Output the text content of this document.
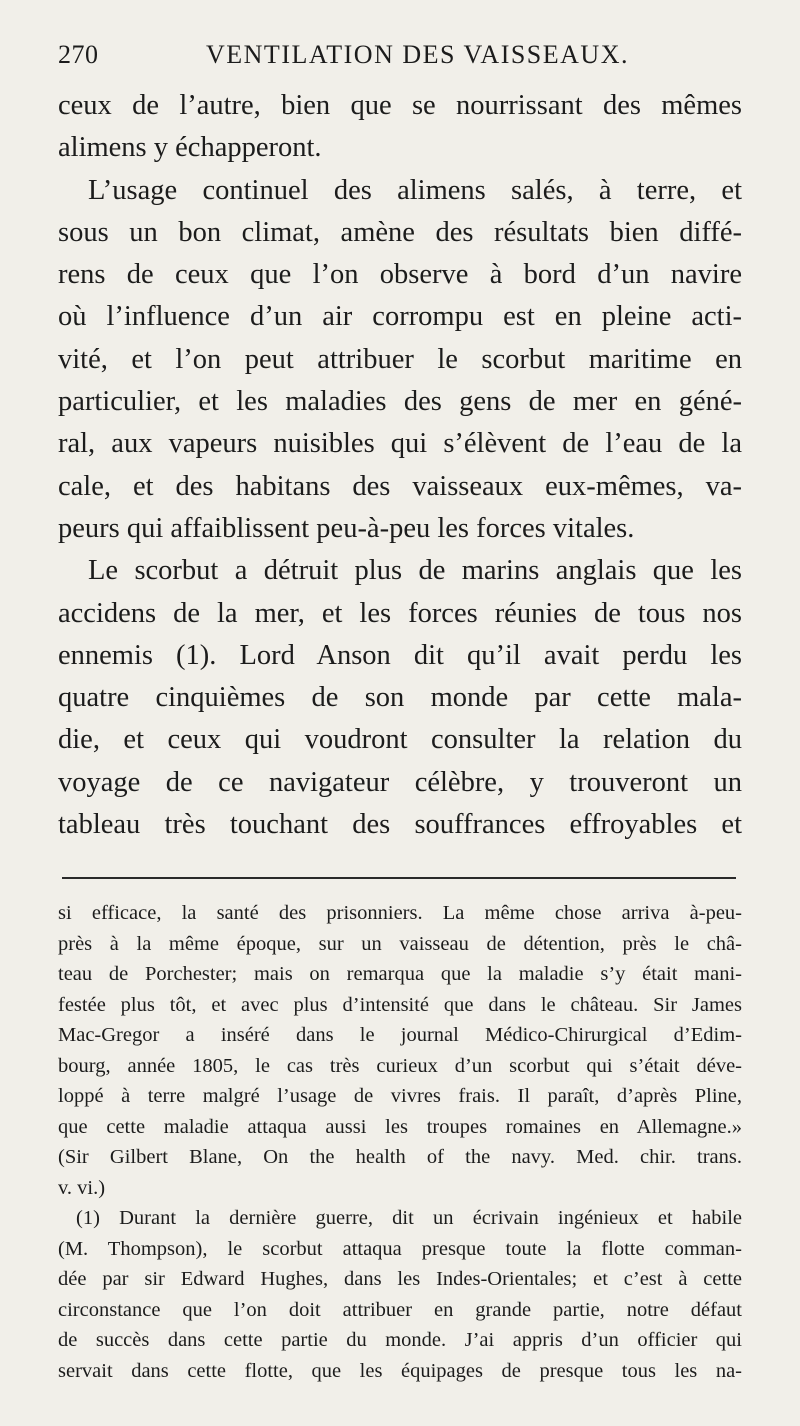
270	VENTILATION DES VAISSEAUX.
ceux de l’autre, bien que se nourrissant des mêmes
alimens y échapperont.
L’usage continuel des alimens salés, à terre, et
sous un bon climat, amène des résultats bien diffé-
rens de ceux que l’on observe à bord d’un navire
où l’influence d’un air corrompu est en pleine acti-
vité, et l’on peut attribuer le scorbut maritime en
particulier, et les maladies des gens de mer en géné-
ral, aux vapeurs nuisibles qui s’élèvent de l’eau de la
cale, et des habitans des vaisseaux eux-mêmes, va-
peurs qui affaiblissent peu-à-peu les forces vitales.
Le scorbut a détruit plus de marins anglais que les
accidens de la mer, et les forces réunies de tous nos
ennemis (1). Lord Anson dit qu’il avait perdu les
quatre cinquièmes de son monde par cette mala-
die, et ceux qui voudront consulter la relation du
voyage de ce navigateur célèbre, y trouveront un
tableau très touchant des souffrances effroyables et
si efficace, la santé des prisonniers. La même chose arriva à-peu-
près à la même époque, sur un vaisseau de détention, près le châ-
teau de Porchester; mais on remarqua que la maladie s’y était mani-
festée plus tôt, et avec plus d’intensité que dans le château. Sir James
Mac-Gregor a inséré dans le journal Médico-Chirurgical d’Edim-
bourg, année 1805, le cas très curieux d’un scorbut qui s’était déve-
loppé à terre malgré l’usage de vivres frais. Il paraît, d’après Pline,
que cette maladie attaqua aussi les troupes romaines en Allemagne.»
(Sir Gilbert Blane, On the health of the navy. Med. chir. trans.
v. vi.)
(1) Durant la dernière guerre, dit un écrivain ingénieux et habile
(M. Thompson), le scorbut attaqua presque toute la flotte comman-
dée par sir Edward Hughes, dans les Indes-Orientales; et c’est à cette
circonstance que l’on doit attribuer en grande partie, notre défaut
de succès dans cette partie du monde. J’ai appris d’un officier qui
servait dans cette flotte, que les équipages de presque tous les na-
